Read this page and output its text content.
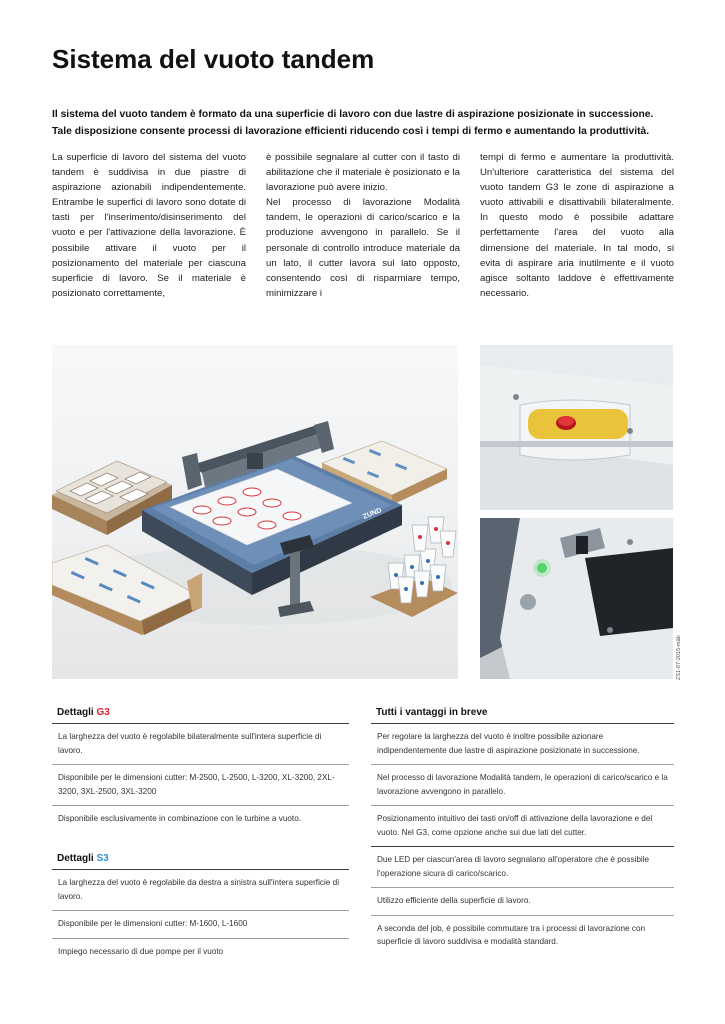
Sistema del vuoto tandem

Il sistema del vuoto tandem è formato da una superficie di lavoro con due lastre di aspirazione posizionate in successione. Tale disposizione consente processi di lavorazione efficienti riducendo così i tempi di fermo e aumentando la produttività.

La superficie di lavoro del sistema del vuoto tandem è suddivisa in due piastre di aspirazione azionabili indipendentemente. Entrambe le superfici di lavoro sono dotate di tasti per l'inserimento/disinserimento del vuoto e per l'attivazione della lavorazione. È possibile attivare il vuoto per il posizionamento del materiale per ciascuna superficie di lavoro. Se il materiale è posizionato correttamente,

è possibile segnalare al cutter con il tasto di abilitazione che il materiale è posizionato e la lavorazione può avere inizio.

Nel processo di lavorazione Modalità tandem, le operazioni di carico/scarico e la produzione avvengono in parallelo. Se il personale di controllo introduce materiale da un lato, il cutter lavora sul lato opposto, consentendo così di risparmiare tempo, minimizzare i

tempi di fermo e aumentare la produttività. Un'ulteriore caratteristica del sistema del vuoto tandem G3 le zone di aspirazione a vuoto attivabili e disattivabili bilateralmente. In questo modo è possibile adattare perfettamente l'area del vuoto alla dimensione del materiale. In tal modo, si evita di aspirare aria inutilmente e il vuoto agisce soltanto laddove è effettivamente necessario.

ZUND
ZS1-07-2015-m&k
Dettagli G3
La larghezza del vuoto è regolabile bilateralmente sull'intera superficie di lavoro.
Disponibile per le dimensioni cutter: M-2500, L-2500, L-3200, XL-3200, 2XL-3200, 3XL-2500, 3XL-3200
Disponibile esclusivamente in combinazione con le turbine a vuoto.
Dettagli S3
La larghezza del vuoto è regolabile da destra a sinistra sull'intera superficie di lavoro.
Disponibile per le dimensioni cutter: M-1600, L-1600
Impiego necessario di due pompe per il vuoto
Tutti i vantaggi in breve
Per regolare la larghezza del vuoto è inoltre possibile azionare indipendentemente due lastre di aspirazione posizionate in successione.
Nel processo di lavorazione Modalità tandem, le operazioni di carico/scarico e la lavorazione avvengono in parallelo.
Posizionamento intuitivo dei tasti on/off di attivazione della lavorazione e del vuoto. Nel G3, come opzione anche sui due lati del cutter.
Due LED per ciascun'area di lavoro segnalano all'operatore che è possibile l'operazione sicura di carico/scarico.
Utilizzo efficiente della superficie di lavoro.
A seconda del job, è possibile commutare tra i processi di lavorazione con superficie di lavoro suddivisa e modalità standard.
